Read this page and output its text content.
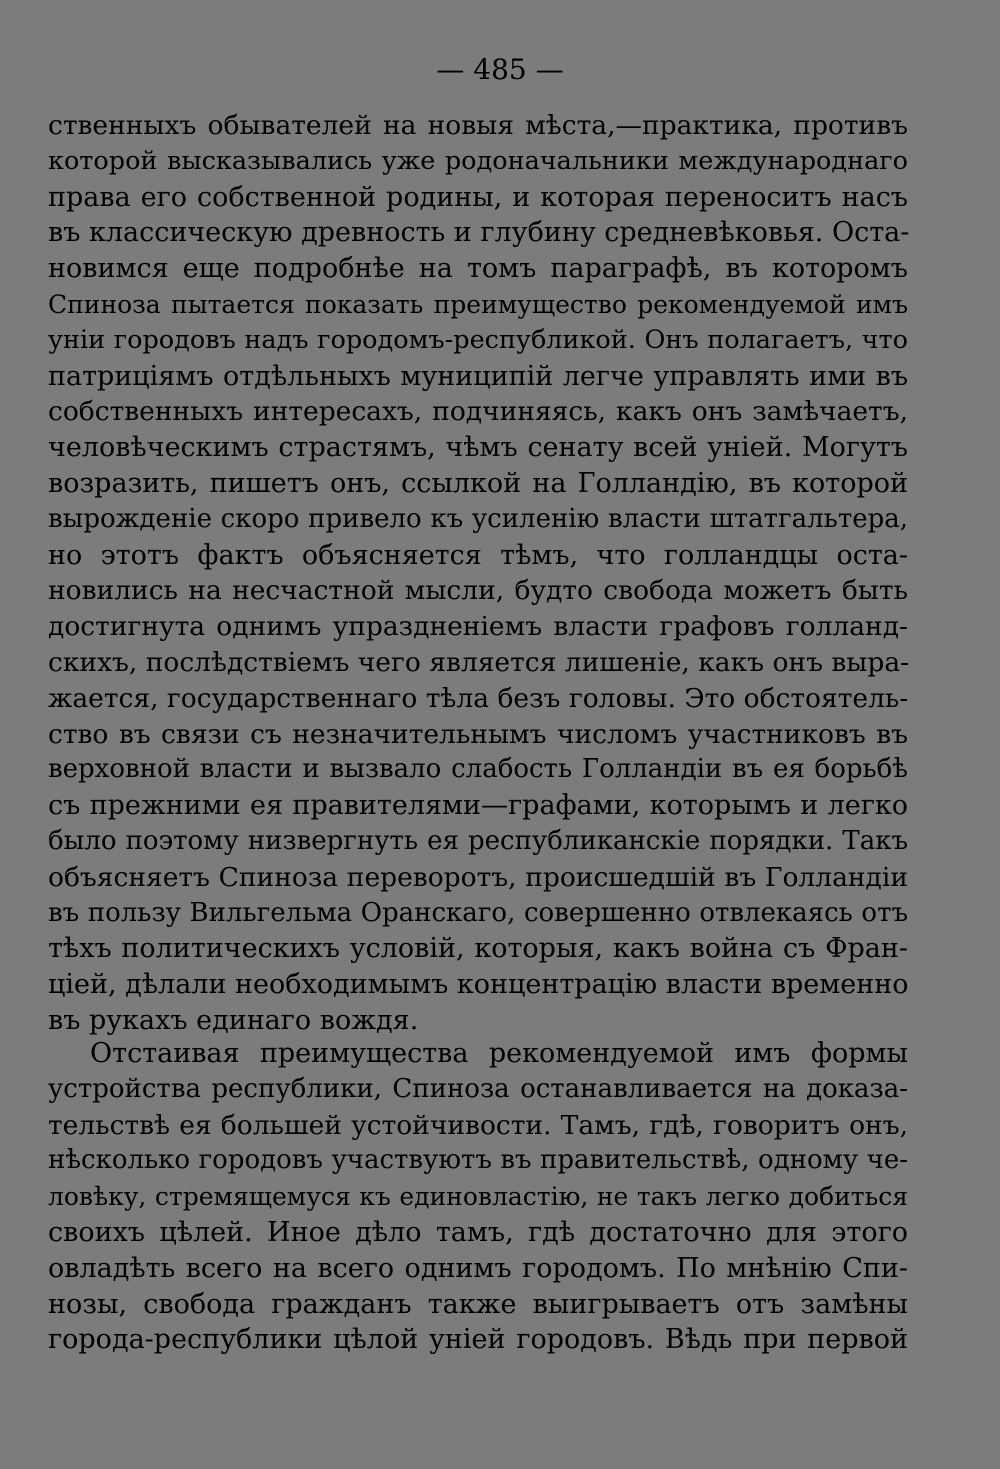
— 485 —
ственныхъ обывателей на новыя мѣста,—практика, противъ
которой высказывались уже родоначальники международнаго
права его собственной родины, и которая переноситъ насъ
въ классическую древность и глубину средневѣковья. Оста-
новимся еще подробнѣе на томъ параграфѣ, въ которомъ
Спиноза пытается показать преимущество рекомендуемой имъ
уніи городовъ надъ городомъ-республикой. Онъ полагаетъ, что
патриціямъ отдѣльныхъ муниципій легче управлять ими въ
собственныхъ интересахъ, подчиняясь, какъ онъ замѣчаетъ,
человѣческимъ страстямъ, чѣмъ сенату всей уніей. Могутъ
возразить, пишетъ онъ, ссылкой на Голландію, въ которой
вырожденіе скоро привело къ усиленію власти штатгальтера,
но этотъ фактъ объясняется тѣмъ, что голландцы оста-
новились на несчастной мысли, будто свобода можетъ быть
достигнута однимъ упраздненіемъ власти графовъ голланд-
скихъ, послѣдствіемъ чего является лишеніе, какъ онъ выра-
жается, государственнаго тѣла безъ головы. Это обстоятель-
ство въ связи съ незначительнымъ числомъ участниковъ въ
верховной власти и вызвало слабость Голландіи въ ея борьбѣ
съ прежними ея правителями—графами, которымъ и легко
было поэтому низвергнуть ея республиканскіе порядки. Такъ
объясняетъ Спиноза переворотъ, происшедшій въ Голландіи
въ пользу Вильгельма Оранскаго, совершенно отвлекаясь отъ
тѣхъ политическихъ условій, которыя, какъ война съ Фран-
ціей, дѣлали необходимымъ концентрацію власти временно
въ рукахъ единаго вождя.
Отстаивая преимущества рекомендуемой имъ формы
устройства республики, Спиноза останавливается на доказа-
тельствѣ ея большей устойчивости. Тамъ, гдѣ, говоритъ онъ,
нѣсколько городовъ участвуютъ въ правительствѣ, одному че-
ловѣку, стремящемуся къ единовластію, не такъ легко добиться
своихъ цѣлей. Иное дѣло тамъ, гдѣ достаточно для этого
овладѣть всего на всего однимъ городомъ. По мнѣнію Спи-
нозы, свобода гражданъ также выигрываетъ отъ замѣны
города-республики цѣлой уніей городовъ. Вѣдь при первой
